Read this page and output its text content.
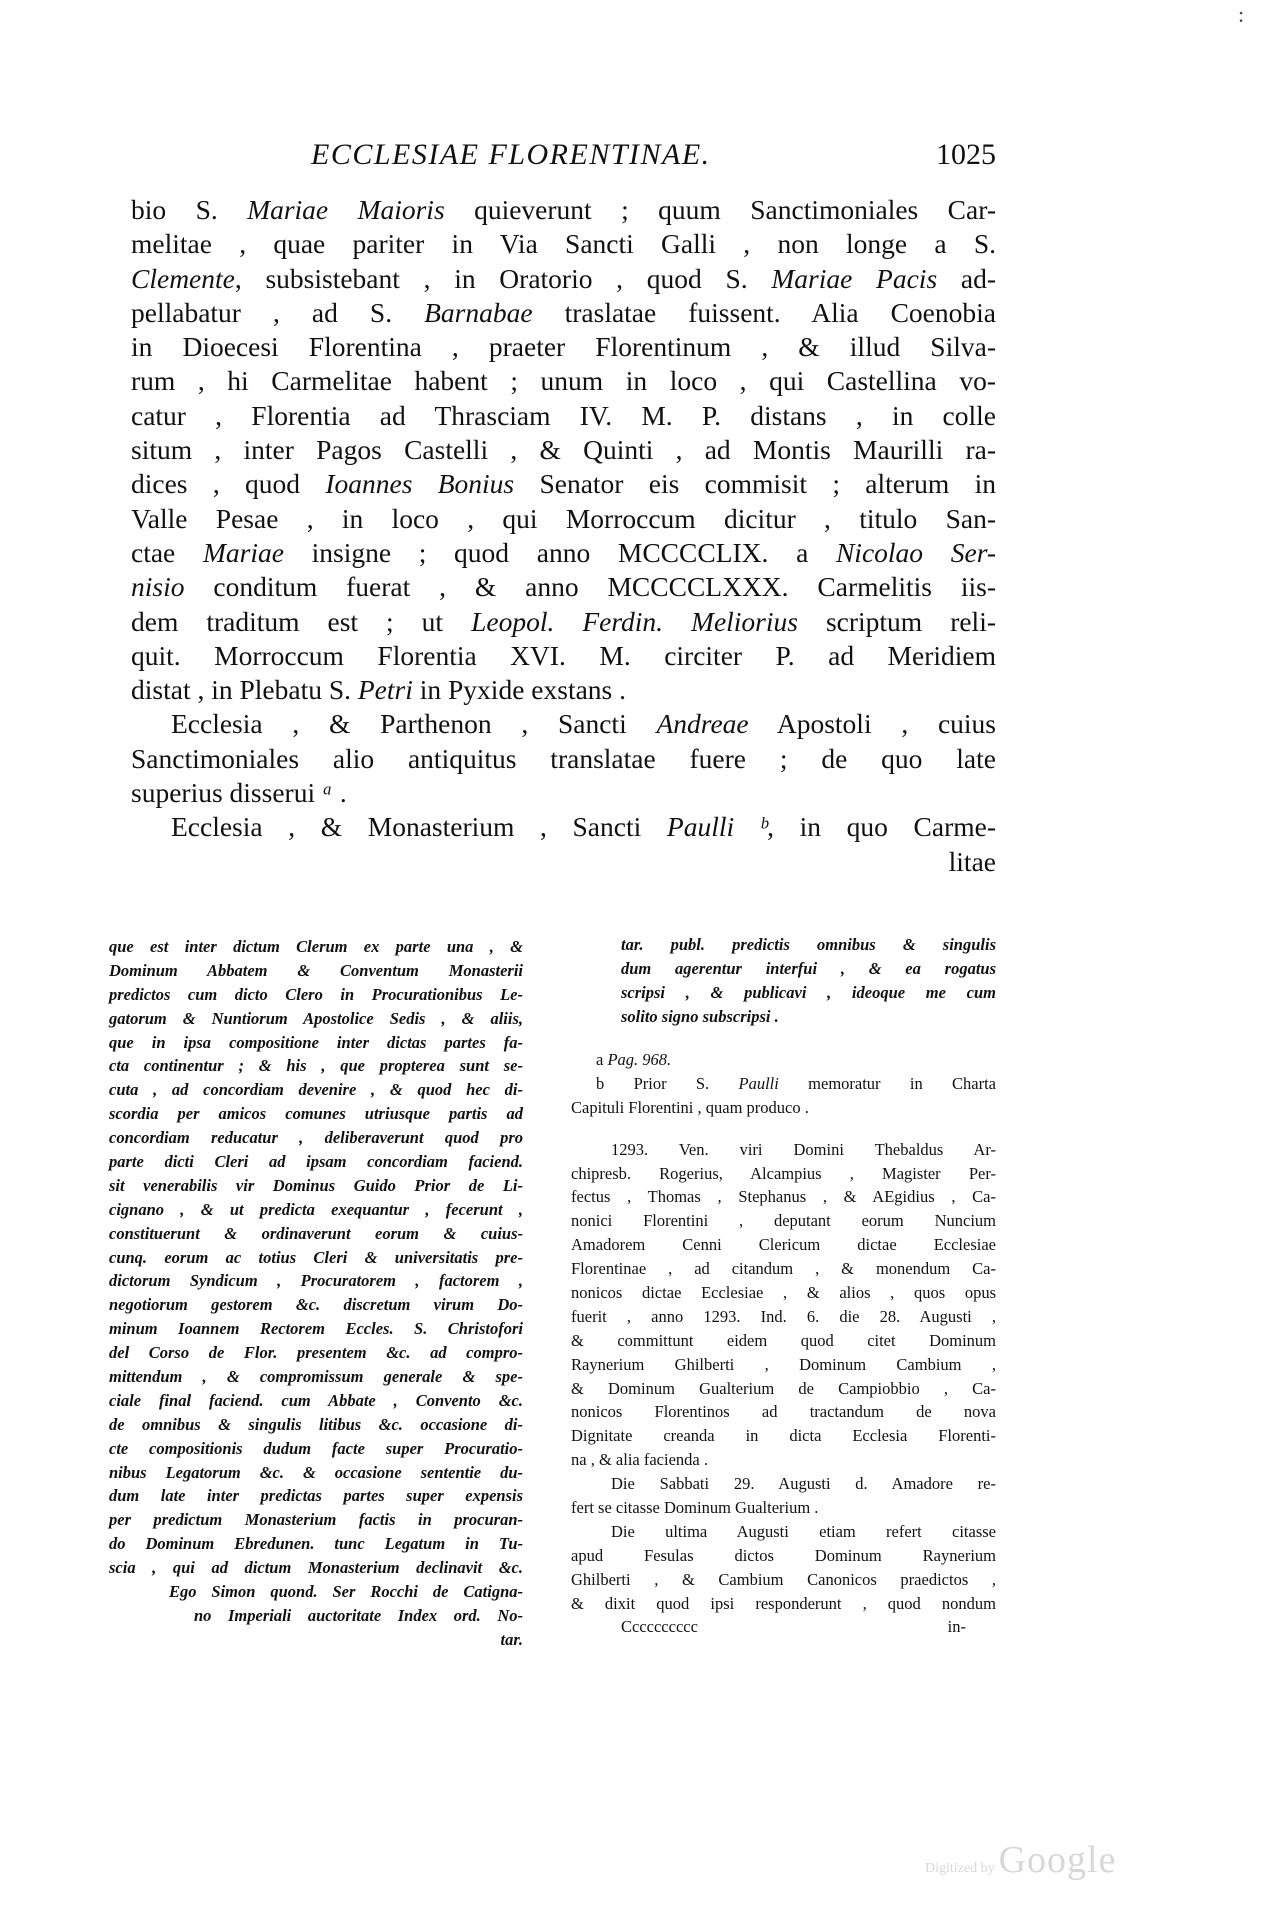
:
ECCLESIAE FLORENTINAE.	1025
bio S. Mariae Maioris quieverunt ; quum Sanctimoniales Car-
melitae , quae pariter in Via Sancti Galli , non longe a S.
Clemente, subsistebant , in Oratorio , quod S. Mariae Pacis ad-
pellabatur , ad S. Barnabae traslatae fuissent. Alia Coenobia
in Dioecesi Florentina , praeter Florentinum , & illud Silva-
rum , hi Carmelitae habent ; unum in loco , qui Castellina vo-
catur , Florentia ad Thrasciam IV. M. P. distans , in colle
situm , inter Pagos Castelli , & Quinti , ad Montis Maurilli ra-
dices , quod Ioannes Bonius Senator eis commisit ; alterum in
Valle Pesae , in loco , qui Morroccum dicitur , titulo San-
ctae Mariae insigne ; quod anno MCCCCLIX. a Nicolao Ser-
nisio conditum fuerat , & anno MCCCCLXXX. Carmelitis iis-
dem traditum est ; ut Leopol. Ferdin. Meliorius scriptum reli-
quit. Morroccum Florentia XVI. M. circiter P. ad Meridiem
distat , in Plebatu S. Petri in Pyxide exstans .
Ecclesia , & Parthenon , Sancti Andreae Apostoli , cuius
Sanctimoniales alio antiquitus translatae fuere ; de quo late
superius disserui ᵃ .
Ecclesia , & Monasterium , Sancti Paulli ᵇ, in quo Carme-
litae
que est inter dictum Clerum ex parte una , &
Dominum Abbatem & Conventum Monasterii
predictos cum dicto Clero in Procurationibus Le-
gatorum & Nuntiorum Apostolice Sedis , & aliis,
que in ipsa compositione inter dictas partes fa-
cta continentur ; & his , que propterea sunt se-
cuta , ad concordiam devenire , & quod hec di-
scordia per amicos comunes utriusque partis ad
concordiam reducatur , deliberaverunt quod pro
parte dicti Cleri ad ipsam concordiam faciend.
sit venerabilis vir Dominus Guido Prior de Li-
cignano , & ut predicta exequantur , fecerunt ,
constituerunt & ordinaverunt eorum & cuius-
cunq. eorum ac totius Cleri & universitatis pre-
dictorum Syndicum , Procuratorem , factorem ,
negotiorum gestorem &c. discretum virum Do-
minum Ioannem Rectorem Eccles. S. Christofori
del Corso de Flor. presentem &c. ad compro-
mittendum , & compromissum generale & spe-
ciale final faciend. cum Abbate , Convento &c.
de omnibus & singulis litibus &c. occasione di-
cte compositionis dudum facte super Procuratio-
nibus Legatorum &c. & occasione sententie du-
dum late inter predictas partes super expensis
per predictum Monasterium factis in procuran-
do Dominum Ebredunen. tunc Legatum in Tu-
scia , qui ad dictum Monasterium declinavit &c.
Ego Simon quond. Ser Rocchi de Catigna-
no Imperiali auctoritate Index ord. No-
tar.
tar. publ. predictis omnibus & singulis
dum agerentur interfui , & ea rogatus
scripsi , & publicavi , ideoque me cum
solito signo subscripsi .
a Pag. 968.
b Prior S. Paulli memoratur in Charta
Capituli Florentini , quam produco .
1293. Ven. viri Domini Thebaldus Ar-
chipresb. Rogerius, Alcampius , Magister Per-
fectus , Thomas , Stephanus , & AEgidius , Ca-
nonici Florentini , deputant eorum Nuncium
Amadorem Cenni Clericum dictae Ecclesiae
Florentinae , ad citandum , & monendum Ca-
nonicos dictae Ecclesiae , & alios , quos opus
fuerit , anno 1293. Ind. 6. die 28. Augusti ,
& committunt eidem quod citet Dominum
Raynerium Ghilberti , Dominum Cambium ,
& Dominum Gualterium de Campiobbio , Ca-
nonicos Florentinos ad tractandum de nova
Dignitate creanda in dicta Ecclesia Florenti-
na , & alia facienda .
Die Sabbati 29. Augusti d. Amadore re-
fert se citasse Dominum Gualterium .
Die ultima Augusti etiam refert citasse
apud Fesulas dictos Dominum Raynerium
Ghilberti , & Cambium Canonicos praedictos ,
& dixit quod ipsi responderunt , quod nondum
Cccccccccc	in-
Digitized by Google
